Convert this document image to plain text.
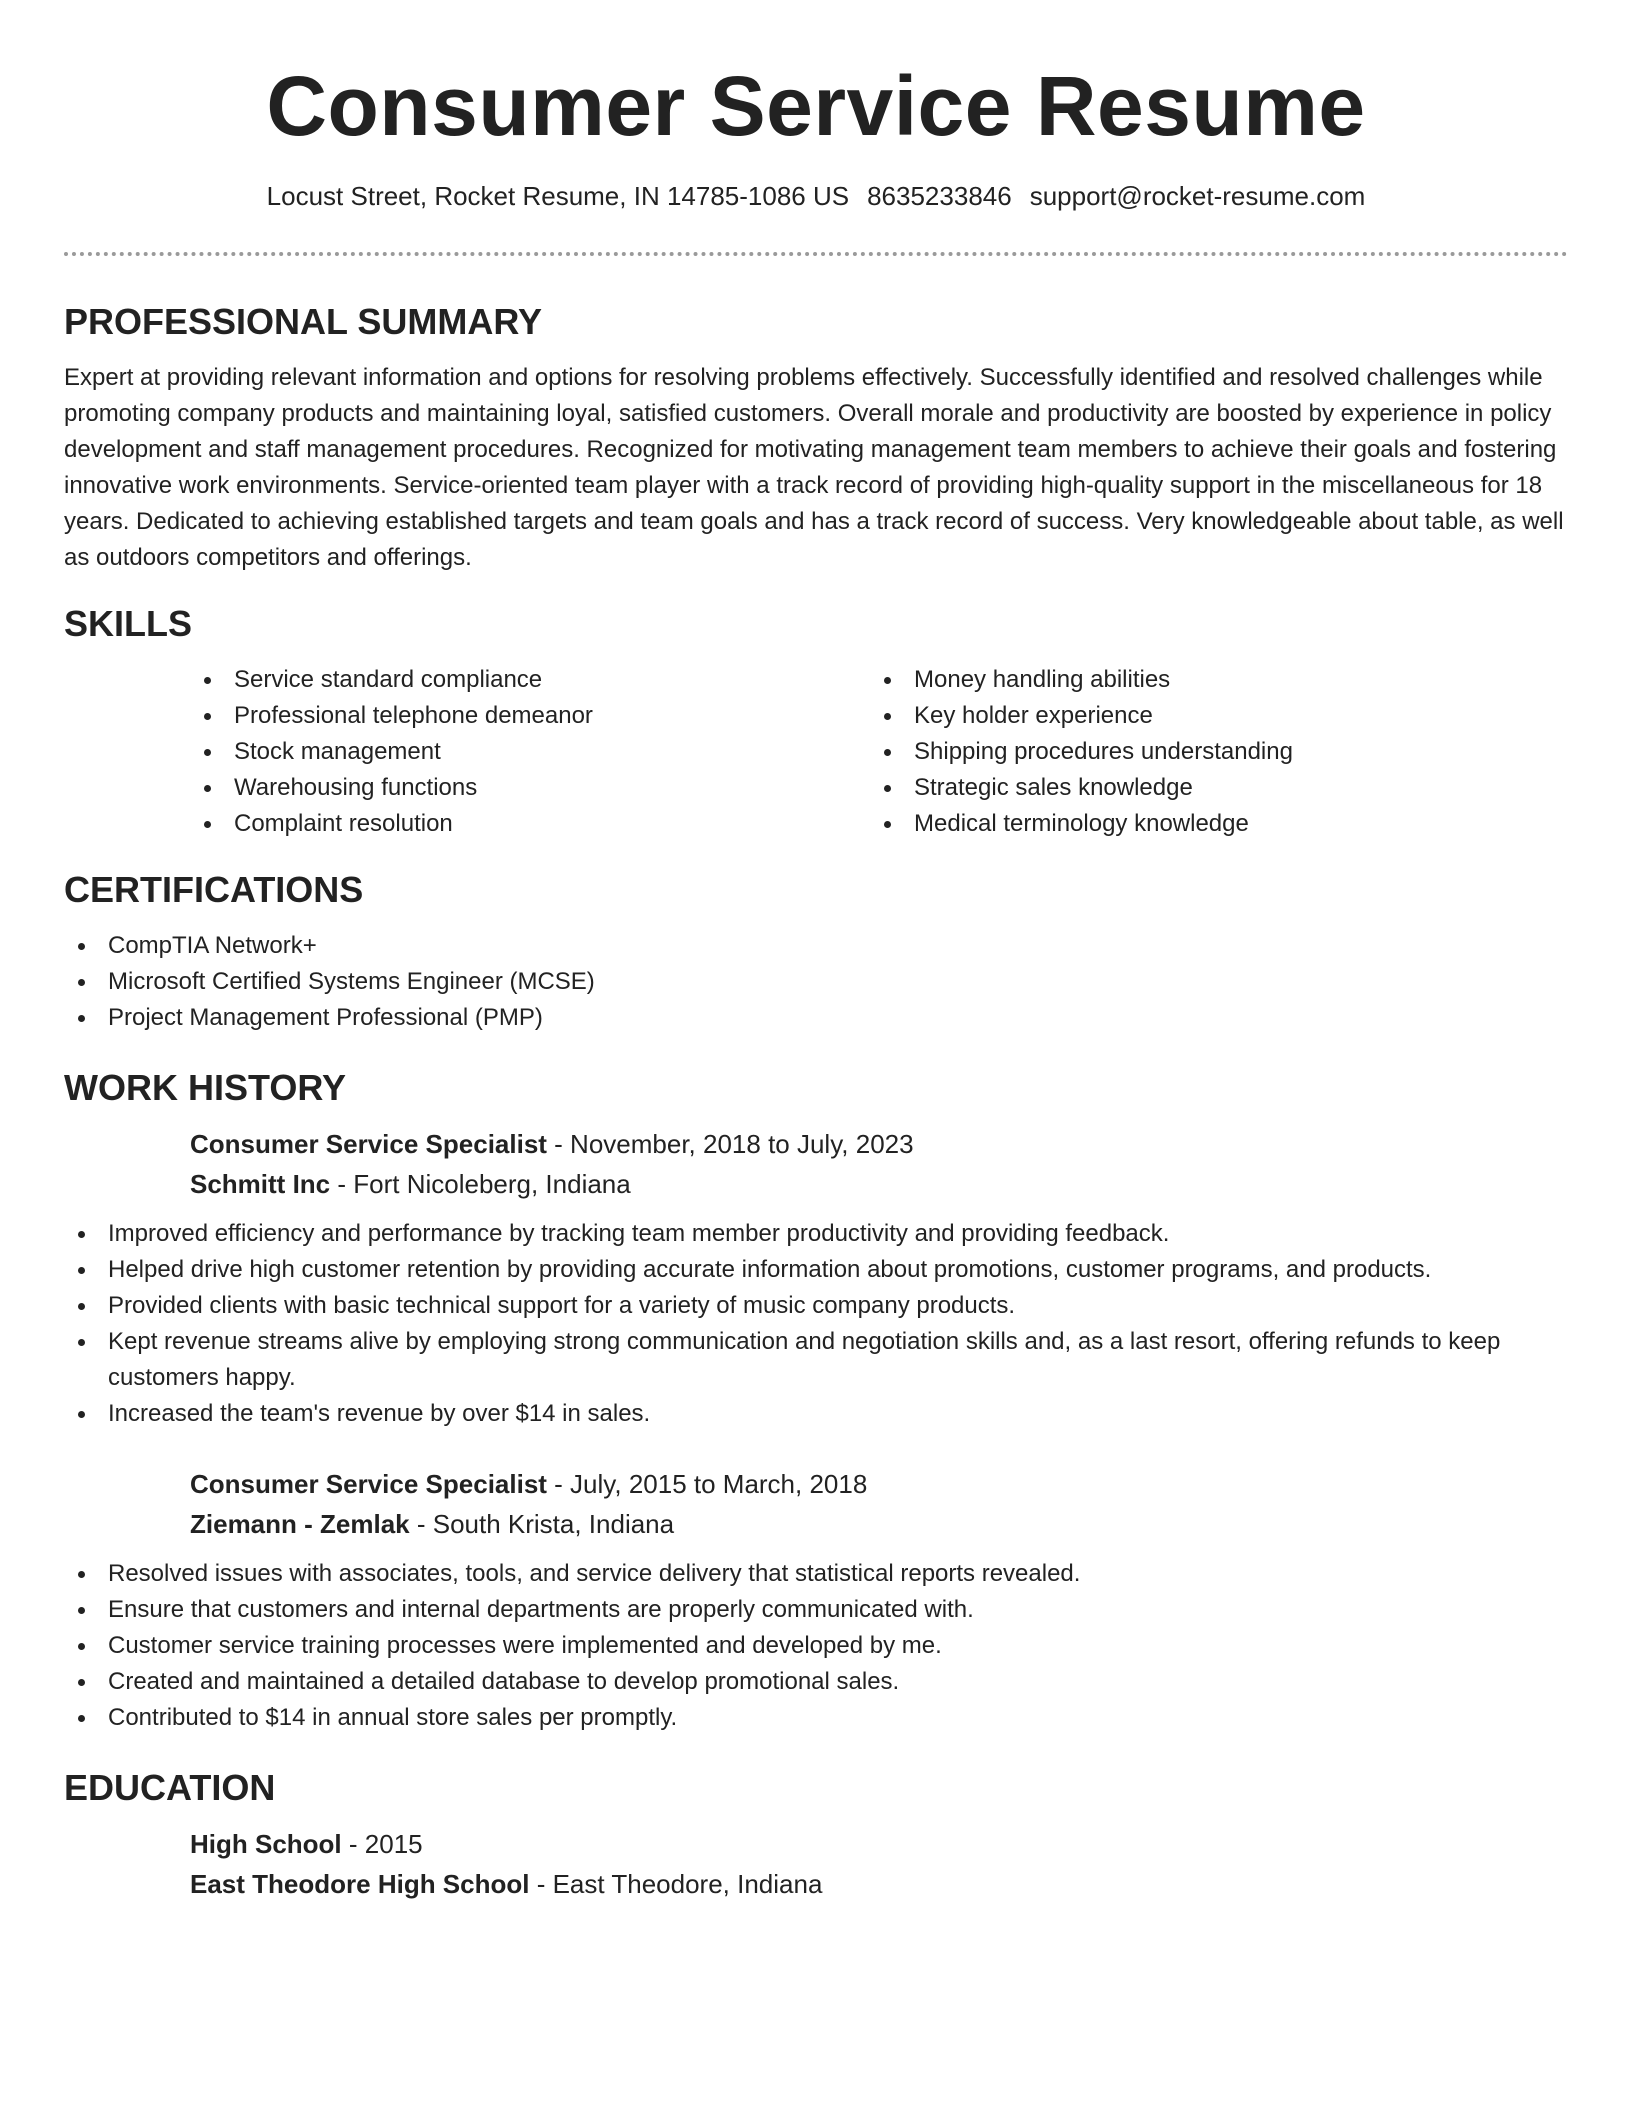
Consumer Service Resume
Locust Street, Rocket Resume, IN 14785-1086 US 8635233846 support@rocket-resume.com
PROFESSIONAL SUMMARY

Expert at providing relevant information and options for resolving problems effectively. Successfully identified and resolved challenges while promoting company products and maintaining loyal, satisfied customers. Overall morale and productivity are boosted by experience in policy development and staff management procedures. Recognized for motivating management team members to achieve their goals and fostering innovative work environments. Service-oriented team player with a track record of providing high-quality support in the miscellaneous for 18 years. Dedicated to achieving established targets and team goals and has a track record of success. Very knowledgeable about table, as well as outdoors competitors and offerings.

SKILLS
Service standard compliance
Professional telephone demeanor
Stock management
Warehousing functions
Complaint resolution
Money handling abilities
Key holder experience
Shipping procedures understanding
Strategic sales knowledge
Medical terminology knowledge
CERTIFICATIONS
CompTIA Network+
Microsoft Certified Systems Engineer (MCSE)
Project Management Professional (PMP)
WORK HISTORY
Consumer Service Specialist - November, 2018 to July, 2023
Schmitt Inc - Fort Nicoleberg, Indiana
Improved efficiency and performance by tracking team member productivity and providing feedback.
Helped drive high customer retention by providing accurate information about promotions, customer programs, and products.
Provided clients with basic technical support for a variety of music company products.
Kept revenue streams alive by employing strong communication and negotiation skills and, as a last resort, offering refunds to keep customers happy.
Increased the team's revenue by over $14 in sales.
Consumer Service Specialist - July, 2015 to March, 2018
Ziemann - Zemlak - South Krista, Indiana
Resolved issues with associates, tools, and service delivery that statistical reports revealed.
Ensure that customers and internal departments are properly communicated with.
Customer service training processes were implemented and developed by me.
Created and maintained a detailed database to develop promotional sales.
Contributed to $14 in annual store sales per promptly.
EDUCATION
High School - 2015
East Theodore High School - East Theodore, Indiana
